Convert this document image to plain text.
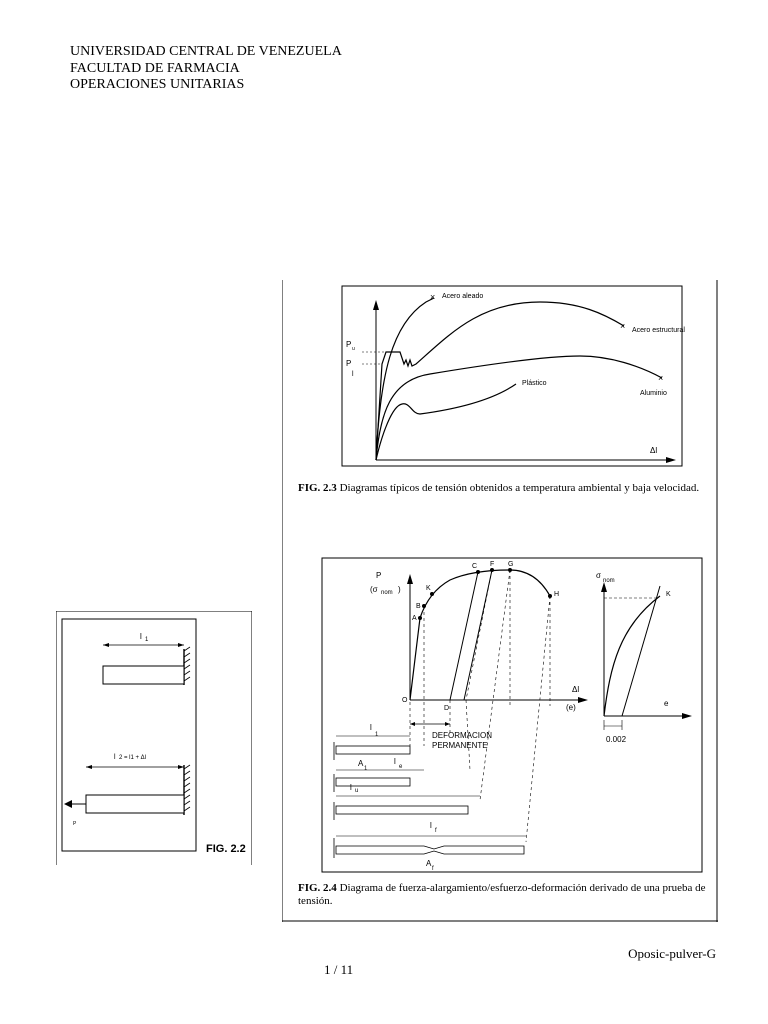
UNIVERSIDAD CENTRAL DE VENEZUELA
FACULTAD DE FARMACIA
OPERACIONES UNITARIAS
l 1
l 2 = l1 + Δl
P
FIG. 2.2
Δl
P u
P
l
× Acero aleado
× Acero estructural
×
Aluminio
Plástico
FIG. 2.3 Diagramas típicos de tensión obtenidos a temperatura ambiental y baja velocidad.
P
(σ nom )
Δl
(e)
O
A
B
K
C F G
H
D
DEFORMACION
PERMANENTE
l
1
A
1
l
e
l u
l
f
A
f
σ
nom
e
K
0.002
FIG. 2.4 Diagrama de fuerza-alargamiento/esfuerzo-deformación derivado de una prueba de tensión.
Oposic-pulver-G
1 / 11
